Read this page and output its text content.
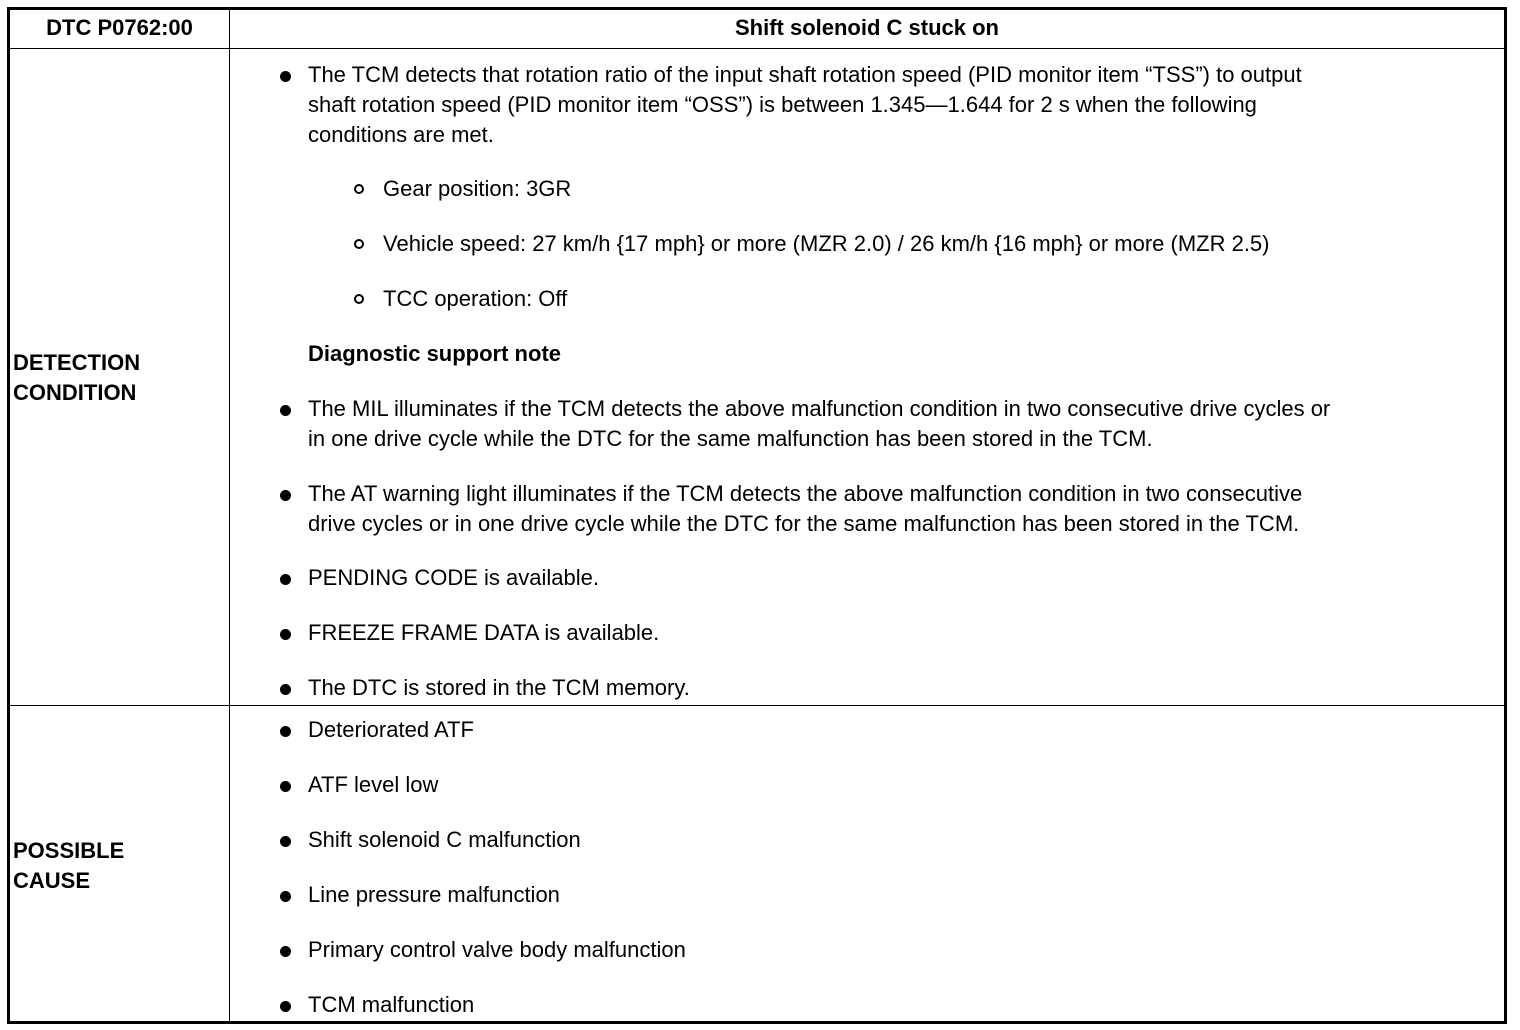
DTC P0762:00	Shift solenoid C stuck on
DETECTION
CONDITION
The TCM detects that rotation ratio of the input shaft rotation speed (PID monitor item “TSS”) to output
shaft rotation speed (PID monitor item “OSS”) is between 1.345—1.644 for 2 s when the following
conditions are met.
Gear position: 3GR
Vehicle speed: 27 km/h {17 mph} or more (MZR 2.0) / 26 km/h {16 mph} or more (MZR 2.5)
TCC operation: Off
Diagnostic support note
The MIL illuminates if the TCM detects the above malfunction condition in two consecutive drive cycles or
in one drive cycle while the DTC for the same malfunction has been stored in the TCM.
The AT warning light illuminates if the TCM detects the above malfunction condition in two consecutive
drive cycles or in one drive cycle while the DTC for the same malfunction has been stored in the TCM.
PENDING CODE is available.
FREEZE FRAME DATA is available.
The DTC is stored in the TCM memory.
POSSIBLE
CAUSE
Deteriorated ATF
ATF level low
Shift solenoid C malfunction
Line pressure malfunction
Primary control valve body malfunction
TCM malfunction
